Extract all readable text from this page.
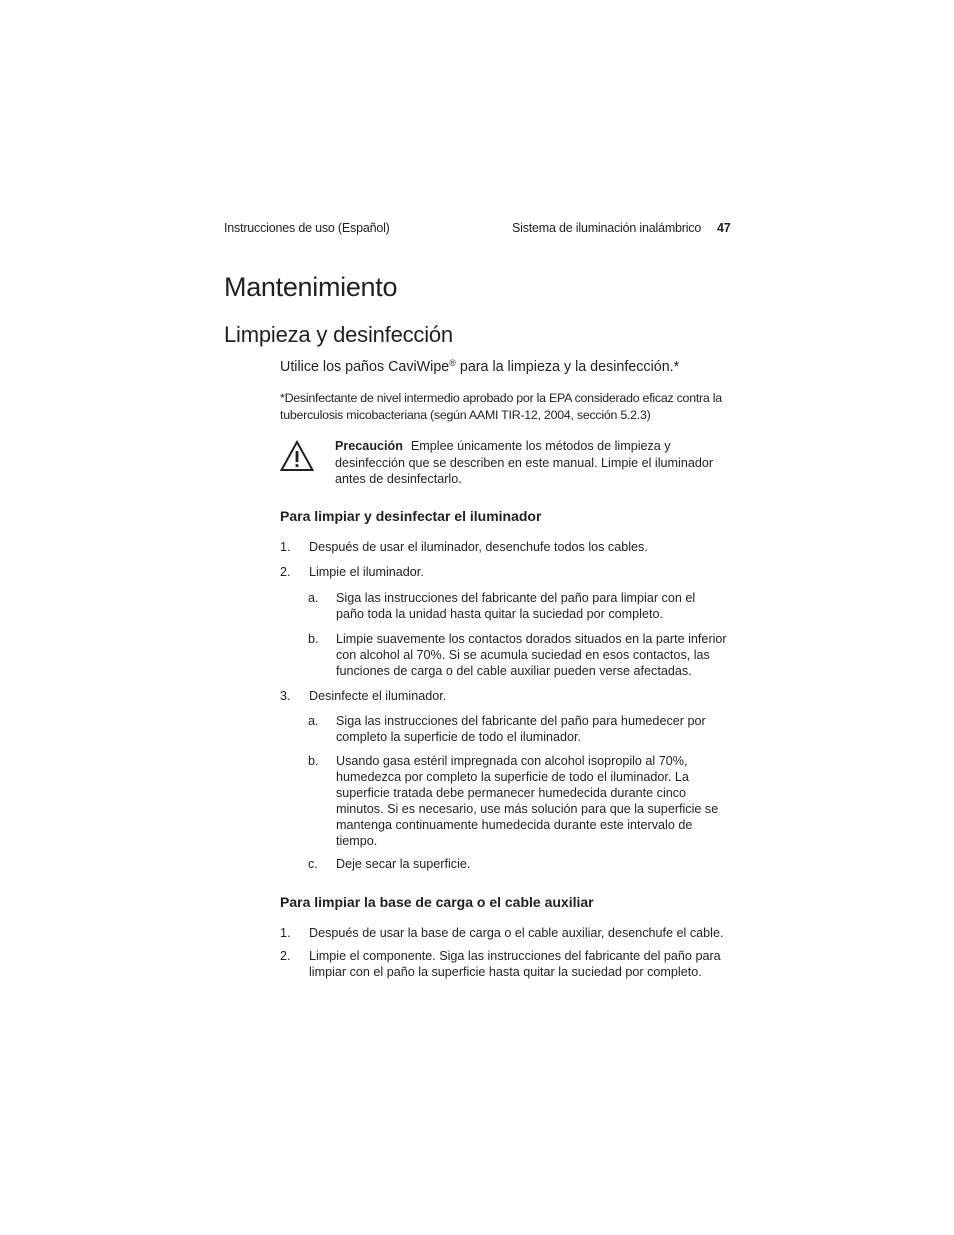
Instrucciones de uso (Español)	Sistema de iluminación inalámbrico 47
Mantenimiento
Limpieza y desinfección
Utilice los paños CaviWipe® para la limpieza y la desinfección.*
*Desinfectante de nivel intermedio aprobado por la EPA considerado eficaz contra la tuberculosis micobacteriana (según AAMI TIR-12, 2004, sección 5.2.3)
Precaución Emplee únicamente los métodos de limpieza y desinfección que se describen en este manual. Limpie el iluminador antes de desinfectarlo.
Para limpiar y desinfectar el iluminador
1. Después de usar el iluminador, desenchufe todos los cables.
2. Limpie el iluminador.
a. Siga las instrucciones del fabricante del paño para limpiar con el paño toda la unidad hasta quitar la suciedad por completo.
b. Limpie suavemente los contactos dorados situados en la parte inferior con alcohol al 70%. Si se acumula suciedad en esos contactos, las funciones de carga o del cable auxiliar pueden verse afectadas.
3. Desinfecte el iluminador.
a. Siga las instrucciones del fabricante del paño para humedecer por completo la superficie de todo el iluminador.
b. Usando gasa estéril impregnada con alcohol isopropilo al 70%, humedezca por completo la superficie de todo el iluminador. La superficie tratada debe permanecer humedecida durante cinco minutos. Si es necesario, use más solución para que la superficie se mantenga continuamente humedecida durante este intervalo de tiempo.
c. Deje secar la superficie.
Para limpiar la base de carga o el cable auxiliar
1. Después de usar la base de carga o el cable auxiliar, desenchufe el cable.
2. Limpie el componente. Siga las instrucciones del fabricante del paño para limpiar con el paño la superficie hasta quitar la suciedad por completo.
